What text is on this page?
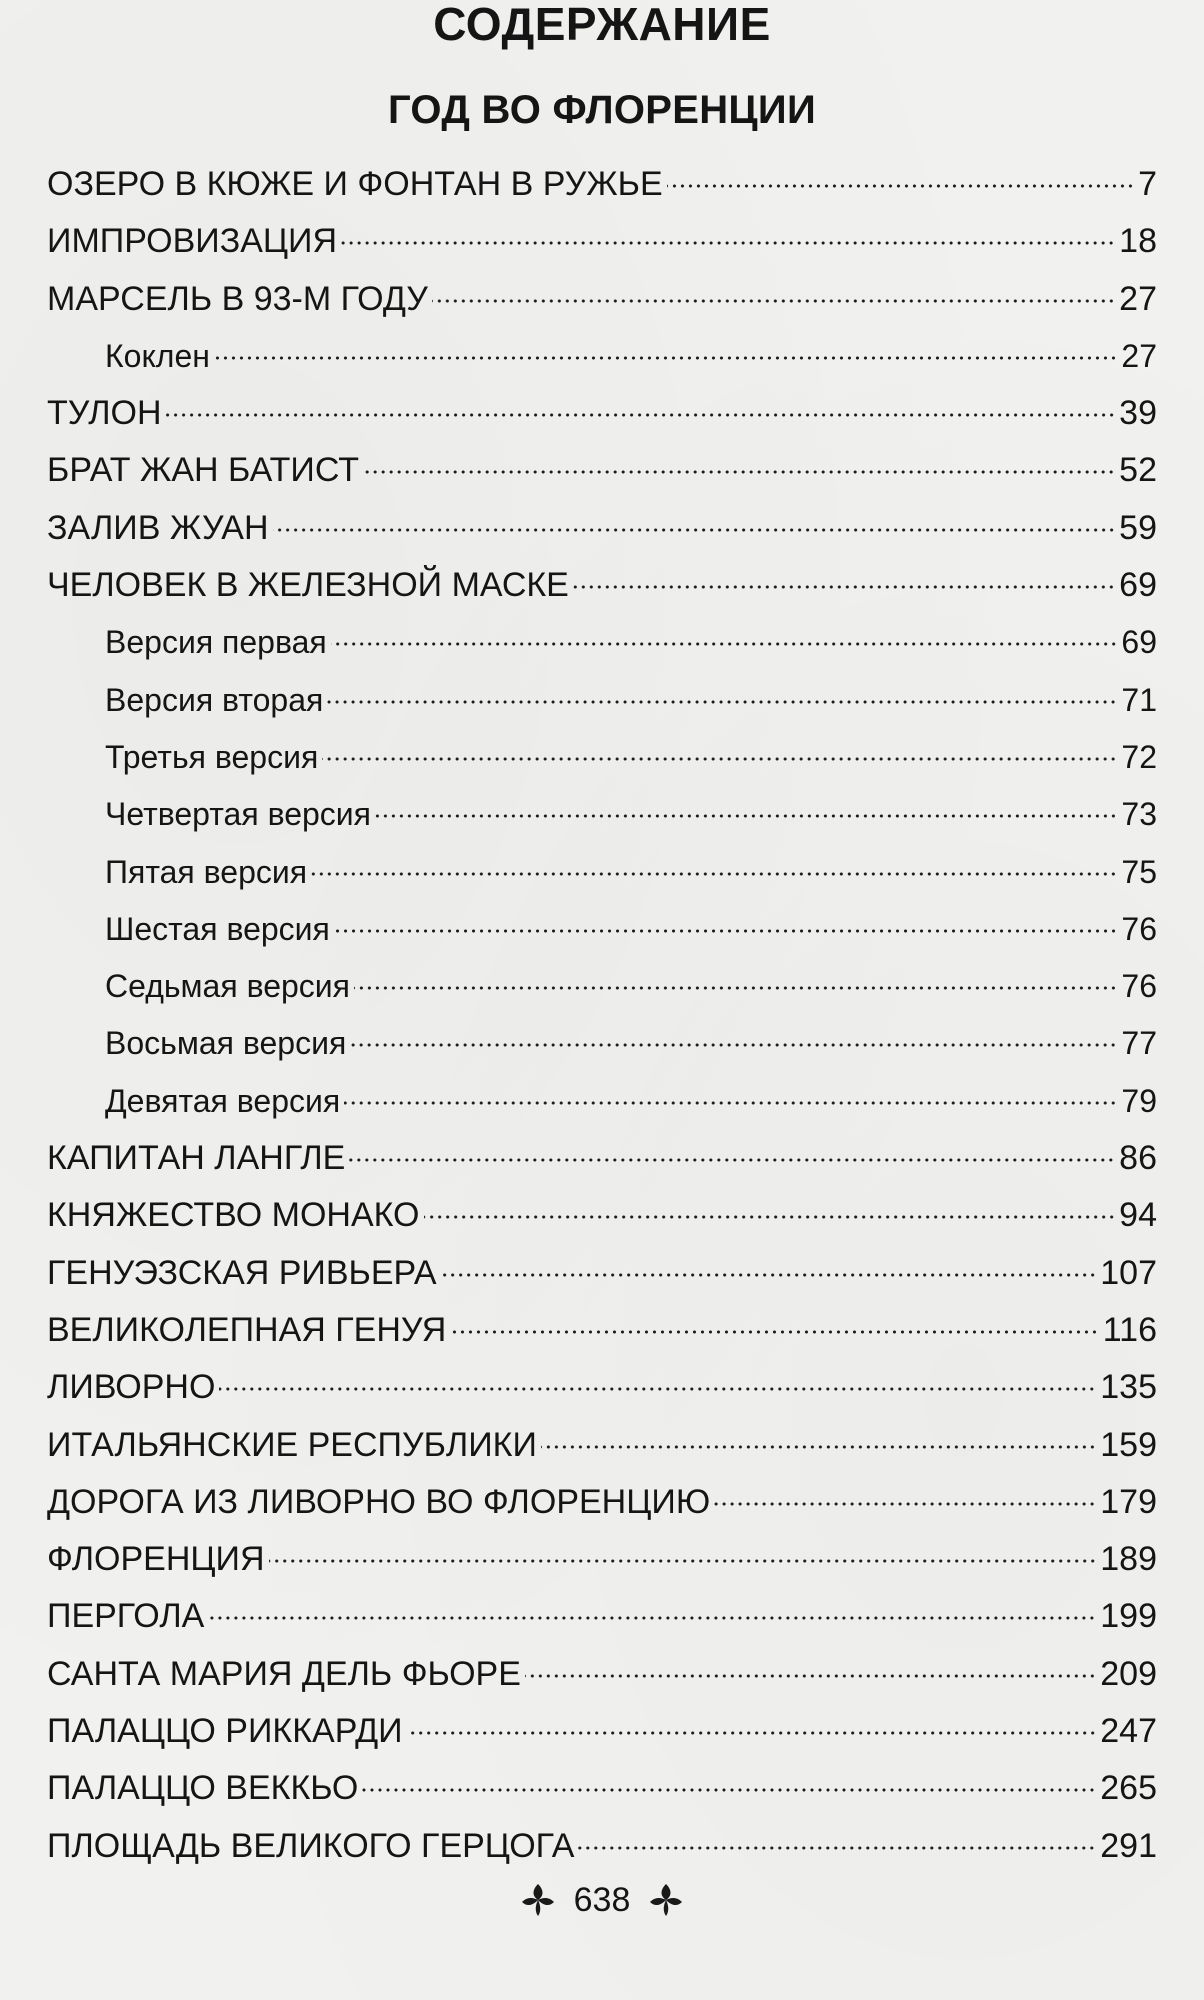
СОДЕРЖАНИЕ
ГОД ВО ФЛОРЕНЦИИ
ОЗЕРО В КЮЖЕ И ФОНТАН В РУЖЬЕ	7
ИМПРОВИЗАЦИЯ	18
МАРСЕЛЬ В 93-М ГОДУ	27
Коклен	27
ТУЛОН	39
БРАТ ЖАН БАТИСТ	52
ЗАЛИВ ЖУАН	59
ЧЕЛОВЕК В ЖЕЛЕЗНОЙ МАСКЕ	69
Версия первая	69
Версия вторая	71
Третья версия	72
Четвертая версия	73
Пятая версия	75
Шестая версия	76
Седьмая версия	76
Восьмая версия	77
Девятая версия	79
КАПИТАН ЛАНГЛЕ	86
КНЯЖЕСТВО МОНАКО	94
ГЕНУЭЗСКАЯ РИВЬЕРА	107
ВЕЛИКОЛЕПНАЯ ГЕНУЯ	116
ЛИВОРНО	135
ИТАЛЬЯНСКИЕ РЕСПУБЛИКИ	159
ДОРОГА ИЗ ЛИВОРНО ВО ФЛОРЕНЦИЮ	179
ФЛОРЕНЦИЯ	189
ПЕРГОЛА	199
САНТА МАРИЯ ДЕЛЬ ФЬОРЕ	209
ПАЛАЦЦО РИККАРДИ	247
ПАЛАЦЦО ВЕККЬО	265
ПЛОЩАДЬ ВЕЛИКОГО ГЕРЦОГА	291
638
